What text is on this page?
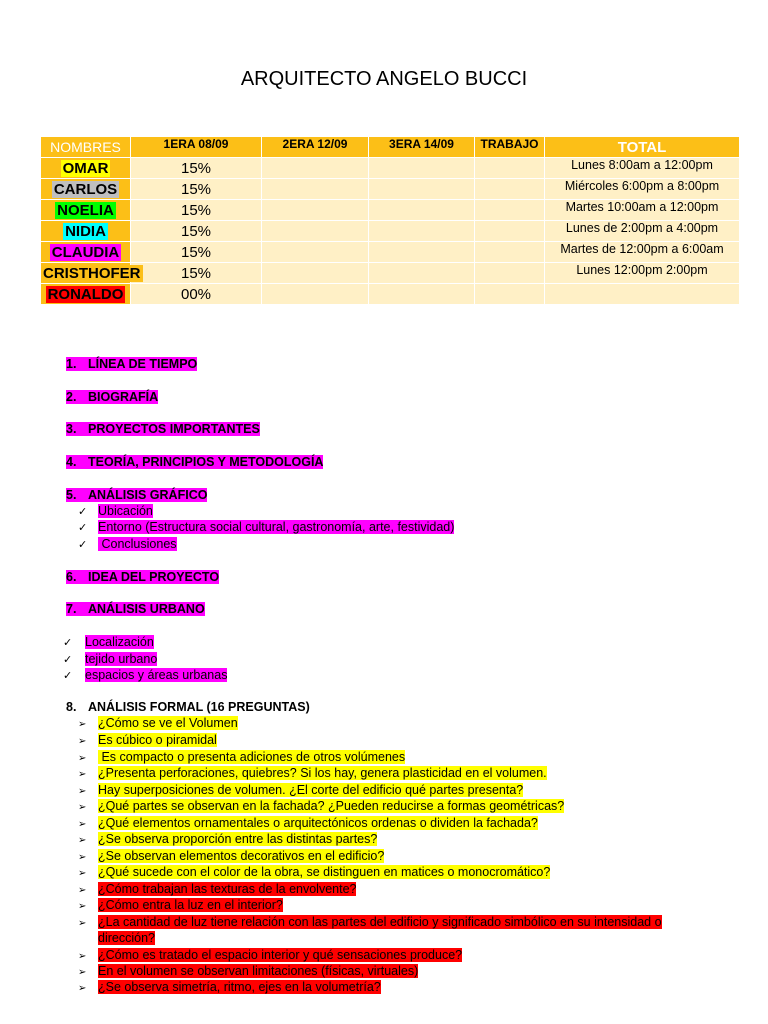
ARQUITECTO ANGELO BUCCI
NOMBRES	1ERA 08/09	2ERA 12/09	3ERA 14/09	TRABAJO	TOTAL
OMAR	15%				Lunes 8:00am a 12:00pm
CARLOS	15%				Miércoles 6:00pm a 8:00pm
NOELIA	15%				Martes 10:00am a 12:00pm
NIDIA	15%				Lunes de 2:00pm a 4:00pm
CLAUDIA	15%				Martes de 12:00pm a 6:00am
CRISTHOFER	15%				Lunes 12:00pm 2:00pm
RONALDO	00%				
1. LÍNEA DE TIEMPO
2. BIOGRAFÍA
3. PROYECTOS IMPORTANTES
4. TEORÍA, PRINCIPIOS Y METODOLOGÍA
5. ANÁLISIS GRÁFICO
✓ Ubicación
✓ Entorno (Estructura social cultural, gastronomía, arte, festividad)
✓ Conclusiones
6. IDEA DEL PROYECTO
7. ANÁLISIS URBANO
✓ Localización
✓ tejido urbano
✓ espacios y áreas urbanas
8. ANÁLISIS FORMAL (16 PREGUNTAS)
➢ ¿Cómo se ve el Volumen
➢ Es cúbico o piramidal
➢ Es compacto o presenta adiciones de otros volúmenes
➢ ¿Presenta perforaciones, quiebres? Si los hay, genera plasticidad en el volumen.
➢ Hay superposiciones de volumen. ¿El corte del edificio qué partes presenta?
➢ ¿Qué partes se observan en la fachada? ¿Pueden reducirse a formas geométricas?
➢ ¿Qué elementos ornamentales o arquitectónicos ordenas o dividen la fachada?
➢ ¿Se observa proporción entre las distintas partes?
➢ ¿Se observan elementos decorativos en el edificio?
➢ ¿Qué sucede con el color de la obra, se distinguen en matices o monocromático?
➢ ¿Cómo trabajan las texturas de la envolvente?
➢ ¿Cómo entra la luz en el interior?
➢ ¿La cantidad de luz tiene relación con las partes del edificio y significado simbólico en su intensidad o
dirección?
➢ ¿Cómo es tratado el espacio interior y qué sensaciones produce?
➢ En el volumen se observan limitaciones (físicas, virtuales)
➢ ¿Se observa simetría, ritmo, ejes en la volumetría?
